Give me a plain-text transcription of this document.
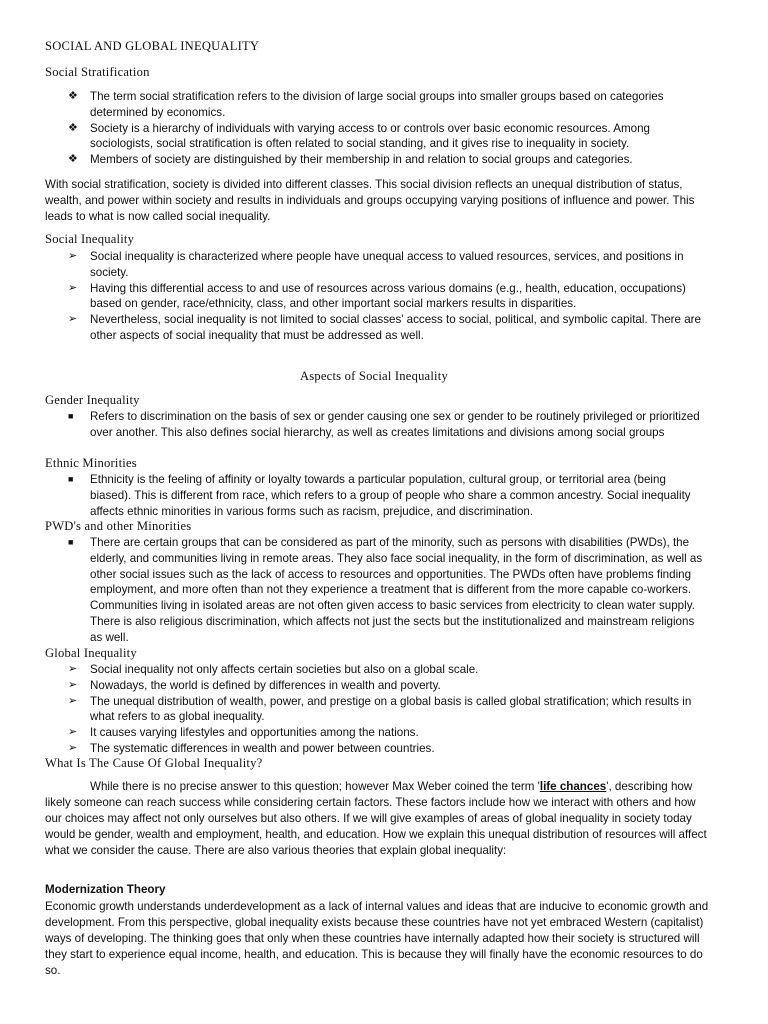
SOCIAL AND GLOBAL INEQUALITY
Social Stratification
❖ The term social stratification refers to the division of large social groups into smaller groups based on categories determined by economics.
❖ Society is a hierarchy of individuals with varying access to or controls over basic economic resources. Among sociologists, social stratification is often related to social standing, and it gives rise to inequality in society.
❖ Members of society are distinguished by their membership in and relation to social groups and categories.
With social stratification, society is divided into different classes. This social division reflects an unequal distribution of status, wealth, and power within society and results in individuals and groups occupying varying positions of influence and power. This leads to what is now called social inequality.
Social Inequality
➢ Social inequality is characterized where people have unequal access to valued resources, services, and positions in society.
➢ Having this differential access to and use of resources across various domains (e.g., health, education, occupations) based on gender, race/ethnicity, class, and other important social markers results in disparities.
➢ Nevertheless, social inequality is not limited to social classes' access to social, political, and symbolic capital. There are other aspects of social inequality that must be addressed as well.
Aspects of Social Inequality
Gender Inequality
■ Refers to discrimination on the basis of sex or gender causing one sex or gender to be routinely privileged or prioritized over another. This also defines social hierarchy, as well as creates limitations and divisions among social groups
Ethnic Minorities
■ Ethnicity is the feeling of affinity or loyalty towards a particular population, cultural group, or territorial area (being biased). This is different from race, which refers to a group of people who share a common ancestry. Social inequality affects ethnic minorities in various forms such as racism, prejudice, and discrimination.
PWD's and other Minorities
■ There are certain groups that can be considered as part of the minority, such as persons with disabilities (PWDs), the elderly, and communities living in remote areas. They also face social inequality, in the form of discrimination, as well as other social issues such as the lack of access to resources and opportunities. The PWDs often have problems finding employment, and more often than not they experience a treatment that is different from the more capable co-workers. Communities living in isolated areas are not often given access to basic services from electricity to clean water supply. There is also religious discrimination, which affects not just the sects but the institutionalized and mainstream religions as well.
Global Inequality
➢ Social inequality not only affects certain societies but also on a global scale.
➢ Nowadays, the world is defined by differences in wealth and poverty.
➢ The unequal distribution of wealth, power, and prestige on a global basis is called global stratification; which results in what refers to as global inequality.
➢ It causes varying lifestyles and opportunities among the nations.
➢ The systematic differences in wealth and power between countries.
What Is The Cause Of Global Inequality?
While there is no precise answer to this question; however Max Weber coined the term 'life chances', describing how likely someone can reach success while considering certain factors. These factors include how we interact with others and how our choices may affect not only ourselves but also others. If we will give examples of areas of global inequality in society today would be gender, wealth and employment, health, and education. How we explain this unequal distribution of resources will affect what we consider the cause. There are also various theories that explain global inequality:
Modernization Theory
Economic growth understands underdevelopment as a lack of internal values and ideas that are inducive to economic growth and development. From this perspective, global inequality exists because these countries have not yet embraced Western (capitalist) ways of developing. The thinking goes that only when these countries have internally adapted how their society is structured will they start to experience equal income, health, and education. This is because they will finally have the economic resources to do so.
